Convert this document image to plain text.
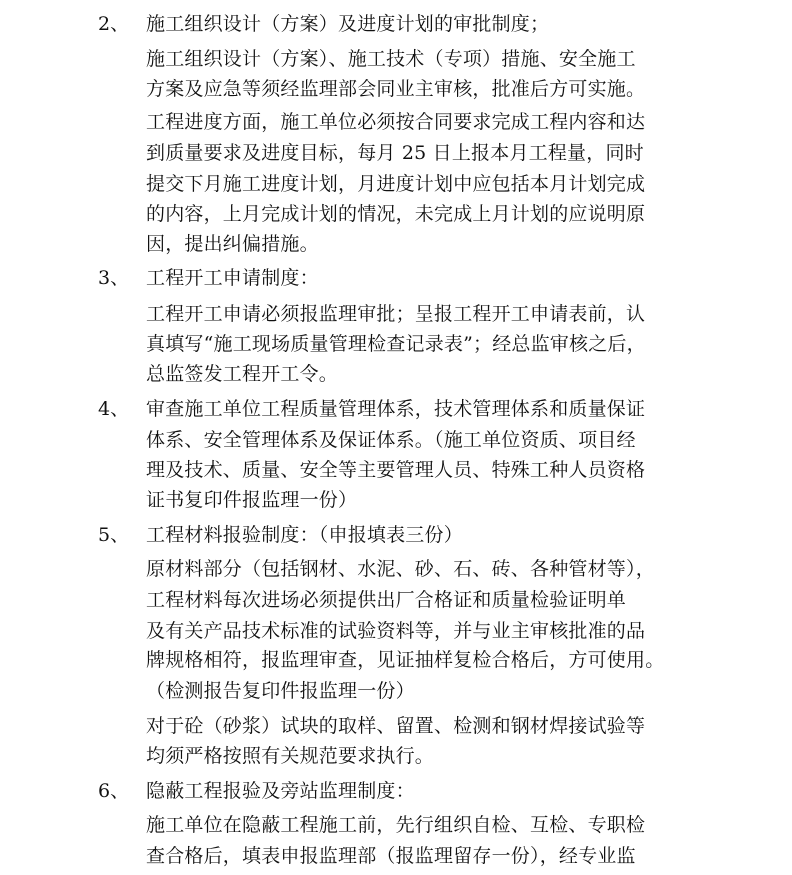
2、 施工组织设计（方案）及进度计划的审批制度；
施工组织设计（方案）、施工技术（专项）措施、安全施工
方案及应急等须经监理部会同业主审核，批准后方可实施。
工程进度方面，施工单位必须按合同要求完成工程内容和达
到质量要求及进度目标，每月 25 日上报本月工程量，同时
提交下月施工进度计划，月进度计划中应包括本月计划完成
的内容，上月完成计划的情况，未完成上月计划的应说明原
因，提出纠偏措施。
3、 工程开工申请制度：
工程开工申请必须报监理审批；呈报工程开工申请表前，认
真填写“施工现场质量管理检查记录表”；经总监审核之后，
总监签发工程开工令。
4、 审查施工单位工程质量管理体系，技术管理体系和质量保证
体系、安全管理体系及保证体系。（施工单位资质、项目经
理及技术、质量、安全等主要管理人员、特殊工种人员资格
证书复印件报监理一份）
5、 工程材料报验制度：（申报填表三份）
原材料部分（包括钢材、水泥、砂、石、砖、各种管材等），
工程材料每次进场必须提供出厂合格证和质量检验证明单
及有关产品技术标准的试验资料等，并与业主审核批准的品
牌规格相符，报监理审查，见证抽样复检合格后，方可使用。
（检测报告复印件报监理一份）
对于砼（砂浆）试块的取样、留置、检测和钢材焊接试验等
均须严格按照有关规范要求执行。
6、 隐蔽工程报验及旁站监理制度：
施工单位在隐蔽工程施工前，先行组织自检、互检、专职检
查合格后，填表申报监理部（报监理留存一份），经专业监
